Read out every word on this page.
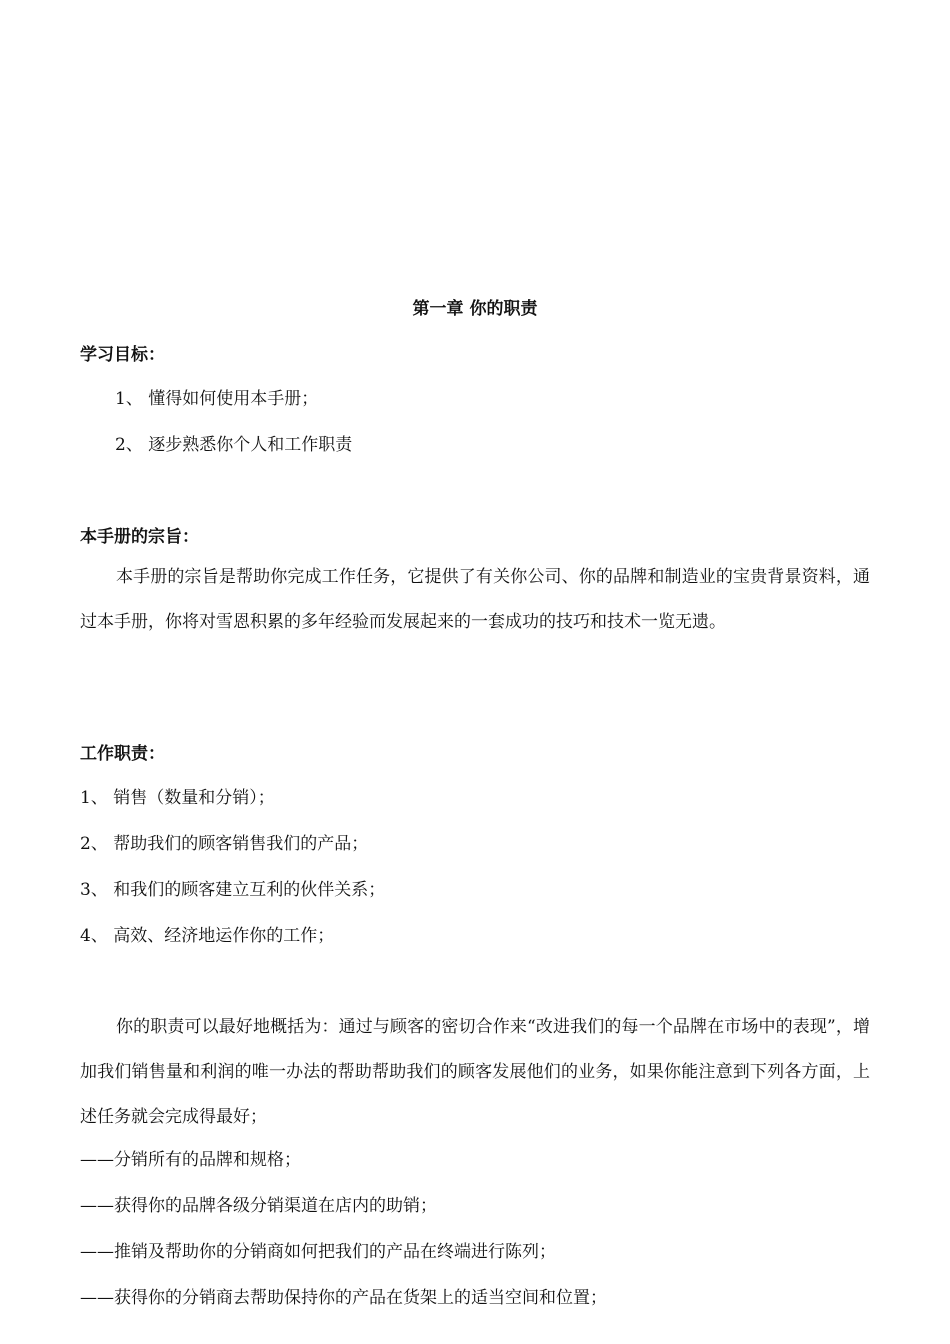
第一章 你的职责
学习目标：
1、 懂得如何使用本手册；
2、 逐步熟悉你个人和工作职责
本手册的宗旨：
本手册的宗旨是帮助你完成工作任务，它提供了有关你公司、你的品牌和制造业的宝贵背景资料，通过本手册，你将对雪恩积累的多年经验而发展起来的一套成功的技巧和技术一览无遗。
工作职责：
1、 销售（数量和分销）；
2、 帮助我们的顾客销售我们的产品；
3、 和我们的顾客建立互利的伙伴关系；
4、 高效、经济地运作你的工作；
你的职责可以最好地概括为：通过与顾客的密切合作来“改进我们的每一个品牌在市场中的表现”，增加我们销售量和利润的唯一办法的帮助帮助我们的顾客发展他们的业务，如果你能注意到下列各方面，上述任务就会完成得最好；
——分销所有的品牌和规格；
——获得你的品牌各级分销渠道在店内的助销；
——推销及帮助你的分销商如何把我们的产品在终端进行陈列；
——获得你的分销商去帮助保持你的产品在货架上的适当空间和位置；
